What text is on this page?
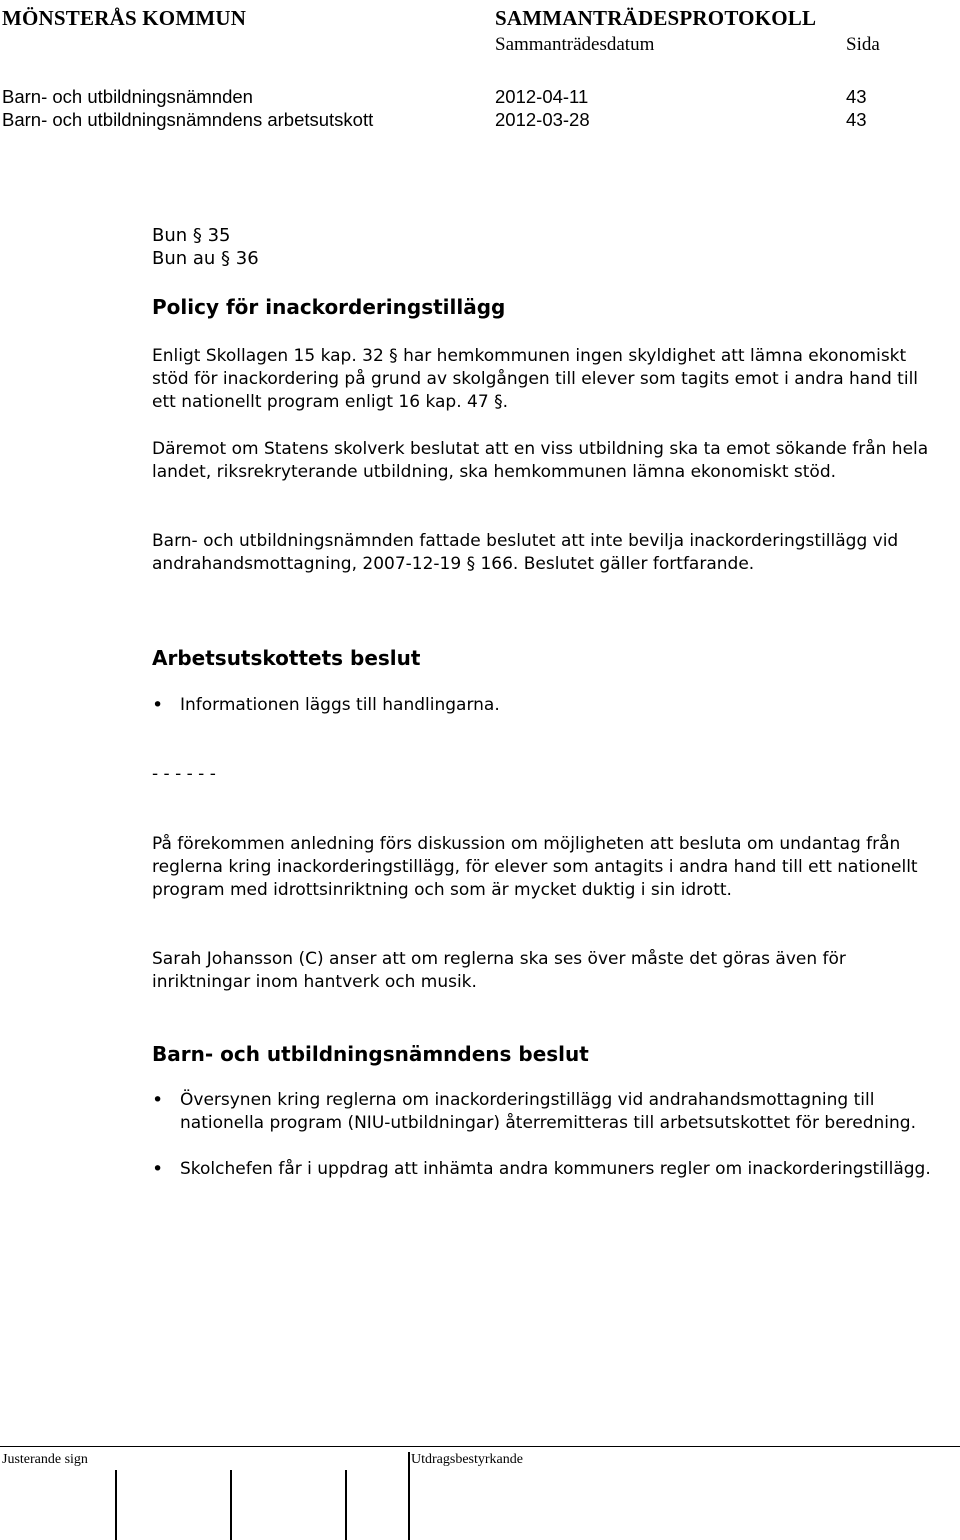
MÖNSTERÅS KOMMUN	SAMMANTRÄDESPROTOKOLL
Sammanträdesdatum	Sida
Barn- och utbildningsnämnden	2012-04-11	43
Barn- och utbildningsnämndens arbetsutskott	2012-03-28	43
Bun § 35
Bun au § 36
Policy för inackorderingstillägg

Enligt Skollagen 15 kap. 32 § har hemkommunen ingen skyldighet att lämna ekonomiskt stöd för inackordering på grund av skolgången till elever som tagits emot i andra hand till ett nationellt program enligt 16 kap. 47 §.

Däremot om Statens skolverk beslutat att en viss utbildning ska ta emot sökande från hela landet, riksrekryterande utbildning, ska hemkommunen lämna ekonomiskt stöd.

Barn- och utbildningsnämnden fattade beslutet att inte bevilja inackorderingstillägg vid andrahandsmottagning, 2007-12-19 § 166. Beslutet gäller fortfarande.

Arbetsutskottets beslut
• Informationen läggs till handlingarna.
- - - - - -

På förekommen anledning förs diskussion om möjligheten att besluta om undantag från reglerna kring inackorderingstillägg, för elever som antagits i andra hand till ett nationellt program med idrottsinriktning och som är mycket duktig i sin idrott.

Sarah Johansson (C) anser att om reglerna ska ses över måste det göras även för inriktningar inom hantverk och musik.

Barn- och utbildningsnämndens beslut
• Översynen kring reglerna om inackorderingstillägg vid andrahandsmottagning till nationella program (NIU-utbildningar) återremitteras till arbetsutskottet för beredning.
• Skolchefen får i uppdrag att inhämta andra kommuners regler om inackorderingstillägg.
Justerande sign	Utdragsbestyrkande
